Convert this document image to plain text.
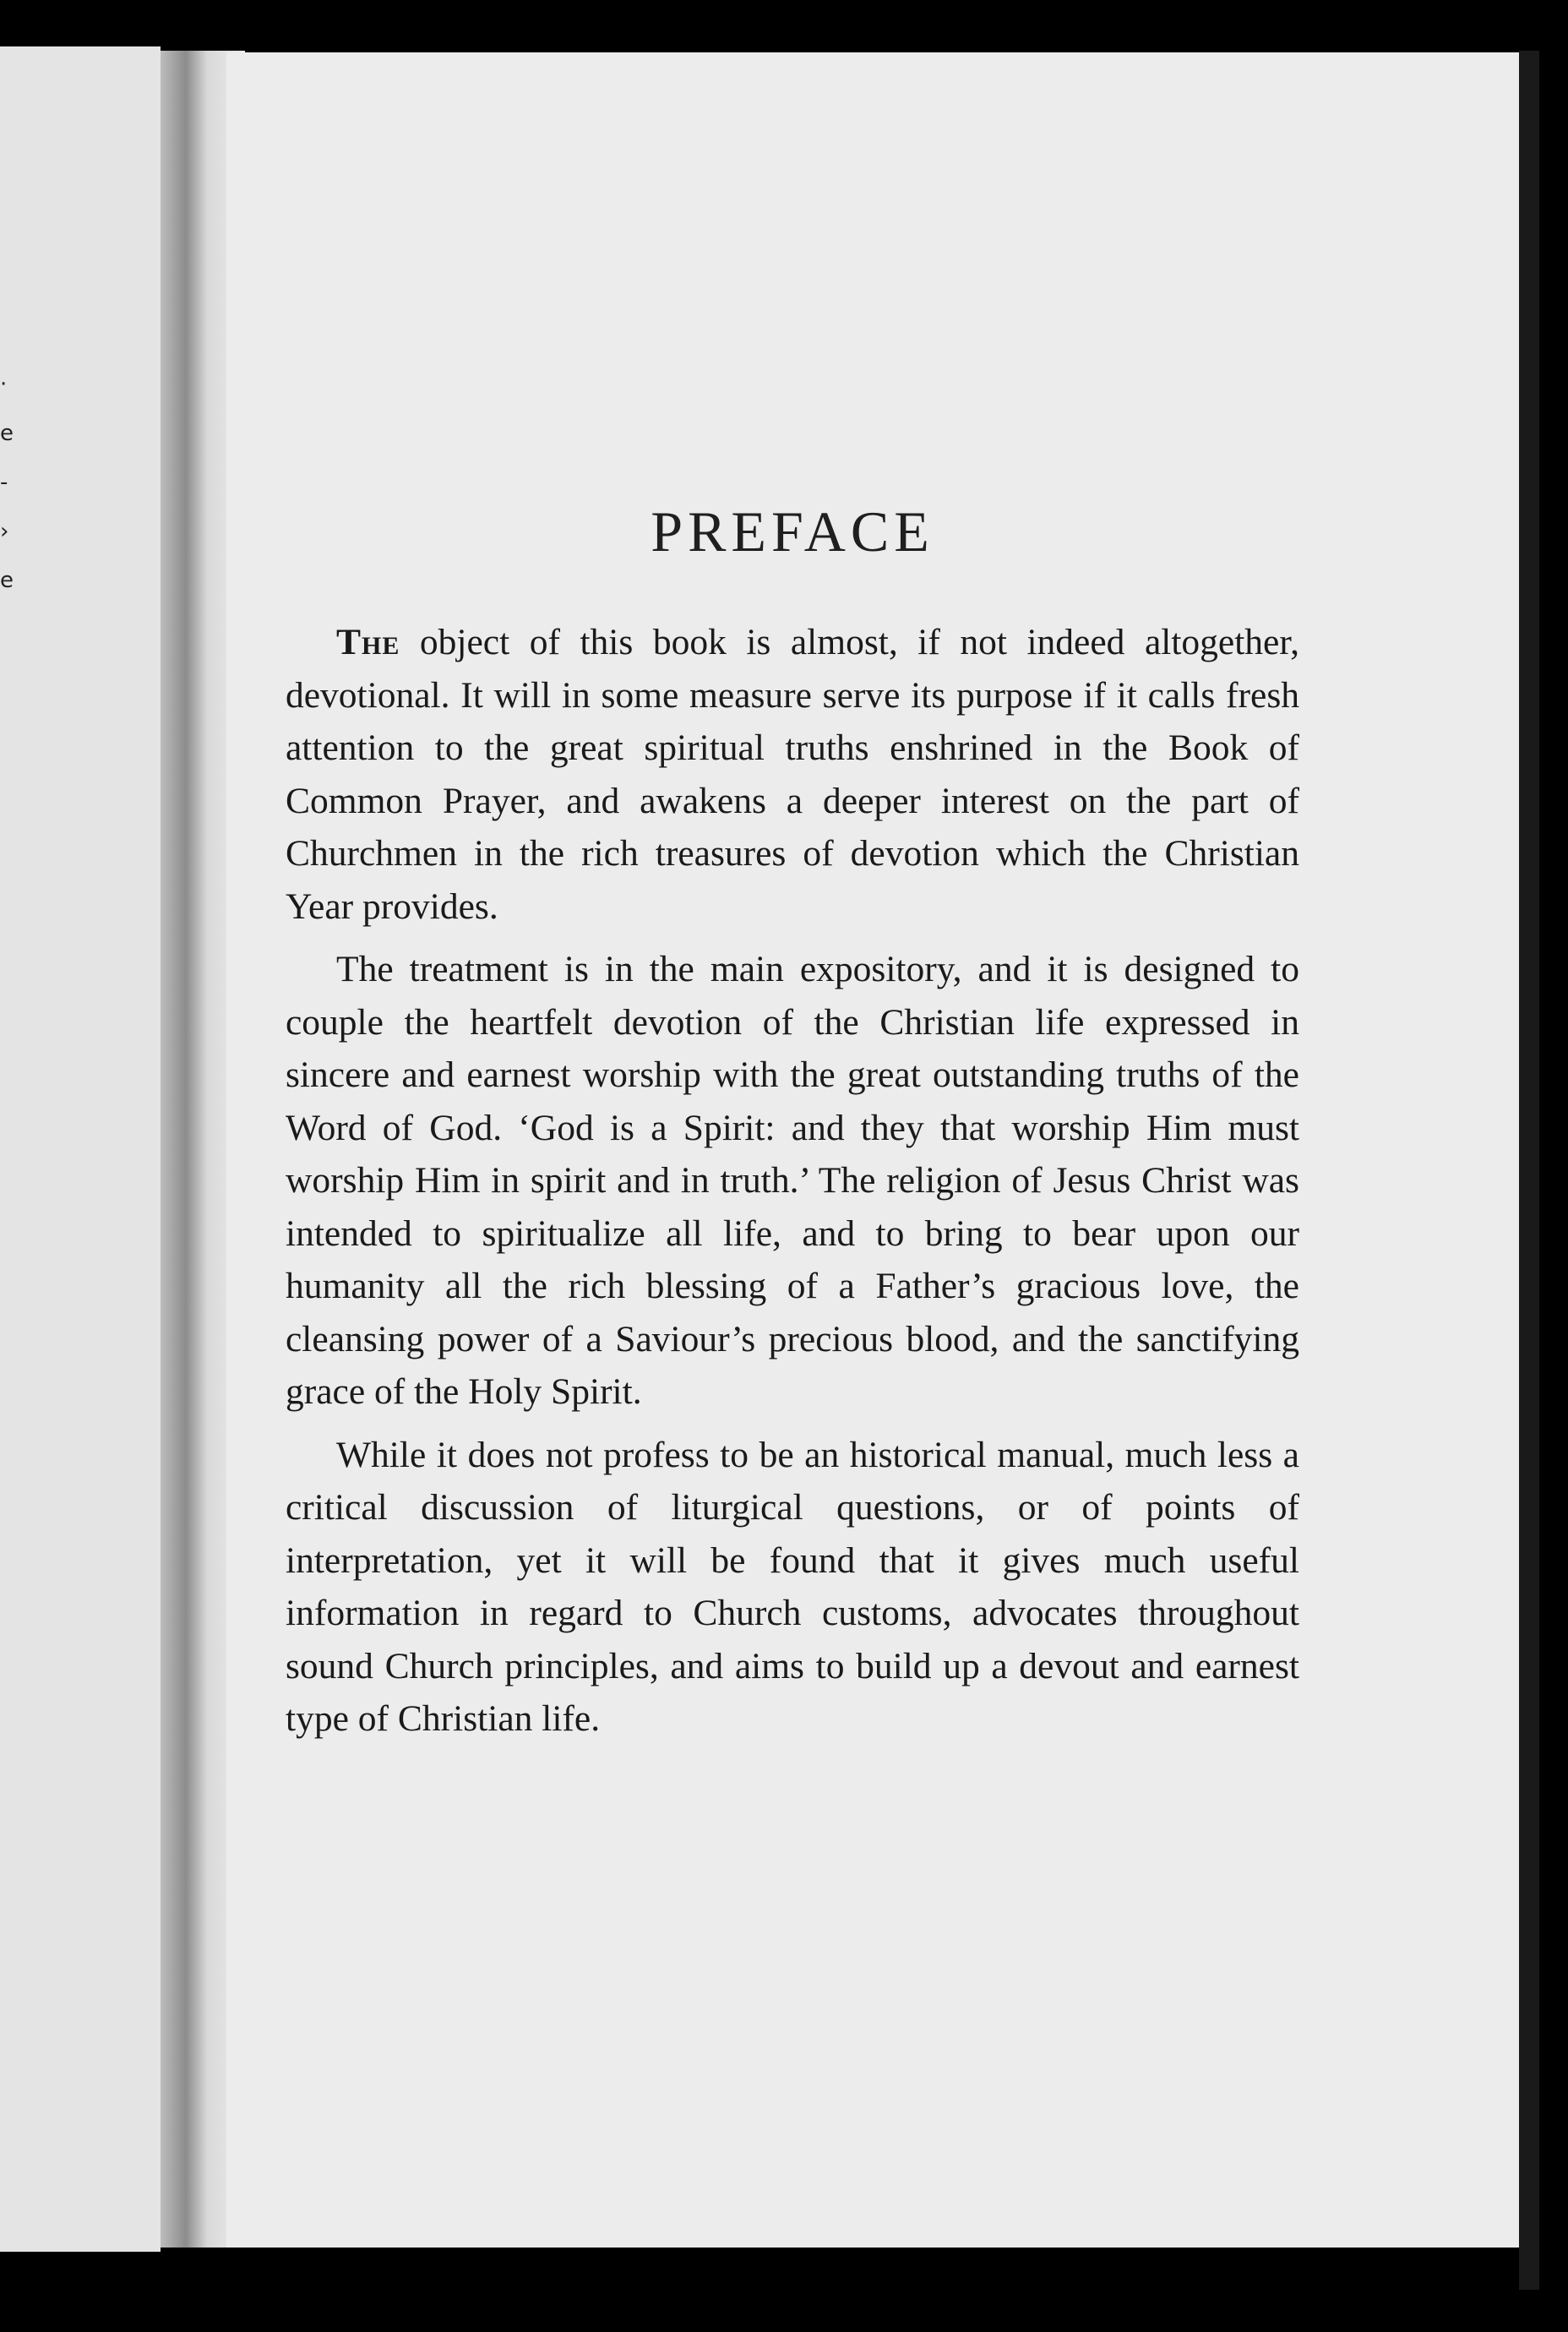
·
e
-
›
e
PREFACE

The object of this book is almost, if not indeed altogether, devotional. It will in some measure serve its purpose if it calls fresh attention to the great spiritual truths enshrined in the Book of Common Prayer, and awakens a deeper interest on the part of Churchmen in the rich treasures of devotion which the Christian Year provides.

The treatment is in the main expository, and it is designed to couple the heartfelt devotion of the Christian life expressed in sincere and earnest worship with the great outstanding truths of the Word of God. ‘God is a Spirit: and they that worship Him must worship Him in spirit and in truth.’ The religion of Jesus Christ was intended to spiritualize all life, and to bring to bear upon our humanity all the rich blessing of a Father’s gracious love, the cleansing power of a Saviour’s precious blood, and the sanctifying grace of the Holy Spirit.

While it does not profess to be an historical manual, much less a critical discussion of liturgical questions, or of points of interpretation, yet it will be found that it gives much useful information in regard to Church customs, advocates throughout sound Church principles, and aims to build up a devout and earnest type of Christian life.
